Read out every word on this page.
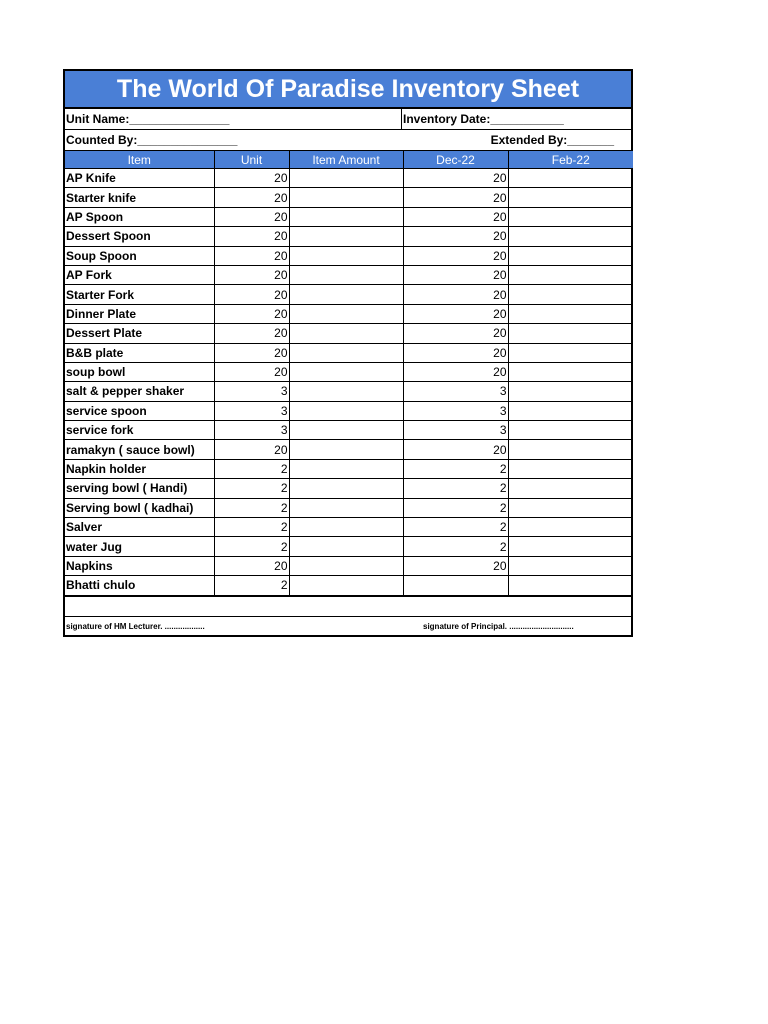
The World Of Paradise Inventory Sheet
Unit Name:_______________	Inventory Date:___________
Counted By:_______________	Extended By:_______
Item	Unit	Item Amount	Dec-22	Feb-22
AP Knife	20		20	
Starter knife	20		20	
AP Spoon	20		20	
Dessert Spoon	20		20	
Soup Spoon	20		20	
AP Fork	20		20	
Starter Fork	20		20	
Dinner Plate	20		20	
Dessert Plate	20		20	
B&B plate	20		20	
soup bowl	20		20	
salt & pepper shaker	3		3	
service spoon	3		3	
service fork	3		3	
ramakyn ( sauce bowl)	20		20	
Napkin holder	2		2	
serving bowl ( Handi)	2		2	
Serving bowl ( kadhai)	2		2	
Salver	2		2	
water Jug	2		2	
Napkins	20		20	
Bhatti chulo	2			
signature of HM Lecturer. ..................	signature of Principal. .............................
